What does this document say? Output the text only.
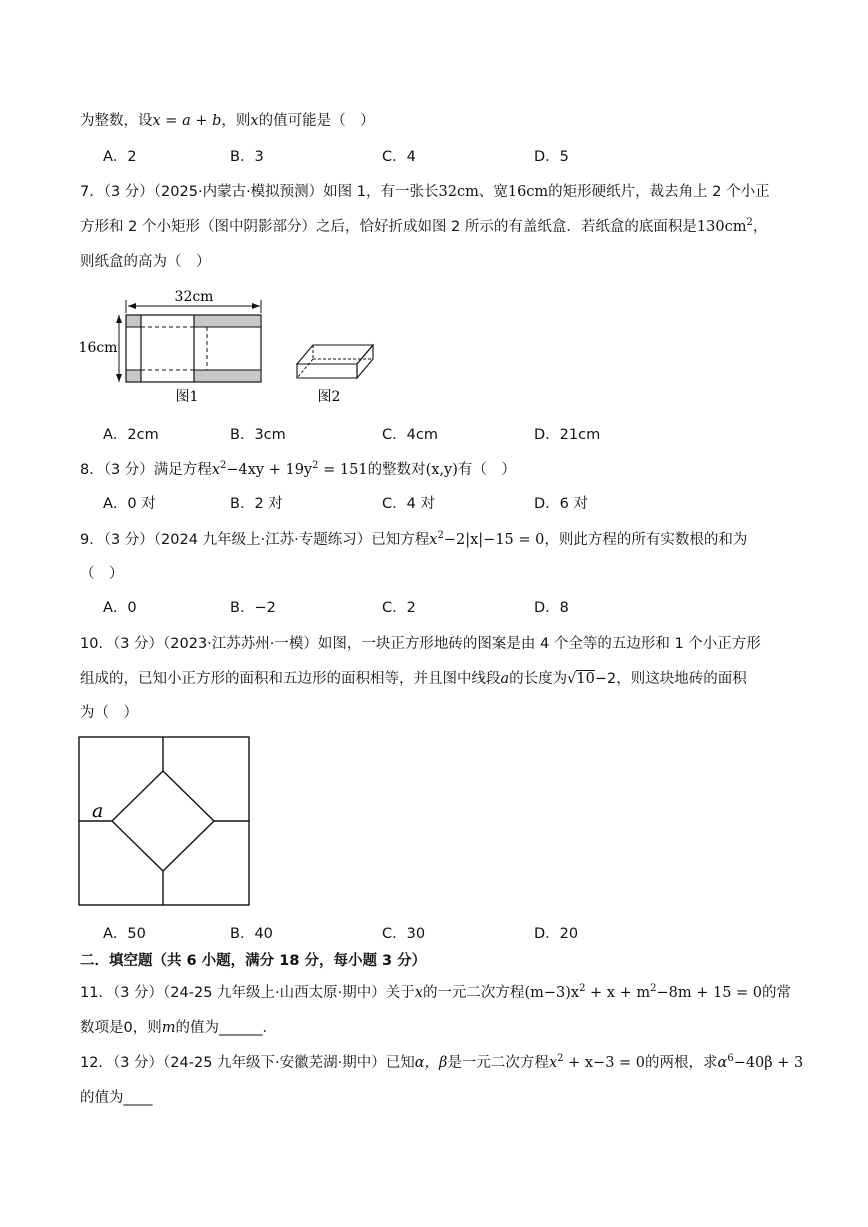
为整数，设x = a + b，则x的值可能是（　）
A．2	B．3	C．4	D．5
7．（3 分）（2025·内蒙古·模拟预测）如图 1，有一张长32cm、宽16cm的矩形硬纸片，裁去角上 2 个小正
方形和 2 个小矩形（图中阴影部分）之后，恰好折成如图 2 所示的有盖纸盒．若纸盒的底面积是$130cm^2$，
则纸盒的高为（　）
32cm
16cm
图1	图2
A．2cm	B．3cm	C．4cm	D．21cm
8．（3 分）满足方程$x^2-4xy + 19y^2 = 151$的整数对(x,y)有（　）
A．0 对	B．2 对	C．4 对	D．6 对
9．（3 分）（2024 九年级上·江苏·专题练习）已知方程$x^2-2|x|-15 = 0$，则此方程的所有实数根的和为
（　）
A．0	B．−2	C．2	D．8
10．（3 分）（2023·江苏苏州·一模）如图，一块正方形地砖的图案是由 4 个全等的五边形和 1 个小正方形
组成的，已知小正方形的面积和五边形的面积相等，并且图中线段a的长度为√10−2，则这块地砖的面积
为（　）
a
A．50	B．40	C．30	D．20
二．填空题（共 6 小题，满分 18 分，每小题 3 分）
11．（3 分）（24-25 九年级上·山西太原·期中）关于x的一元二次方程$(m-3)x^2 + x + m^2-8m + 15 = 0$的常
数项是0，则m的值为______．
12．（3 分）（24-25 九年级下·安徽芜湖·期中）已知α，β是一元二次方程$x^2 + x-3 = 0$的两根，求$\alpha^6-40\beta + 3$
的值为____
